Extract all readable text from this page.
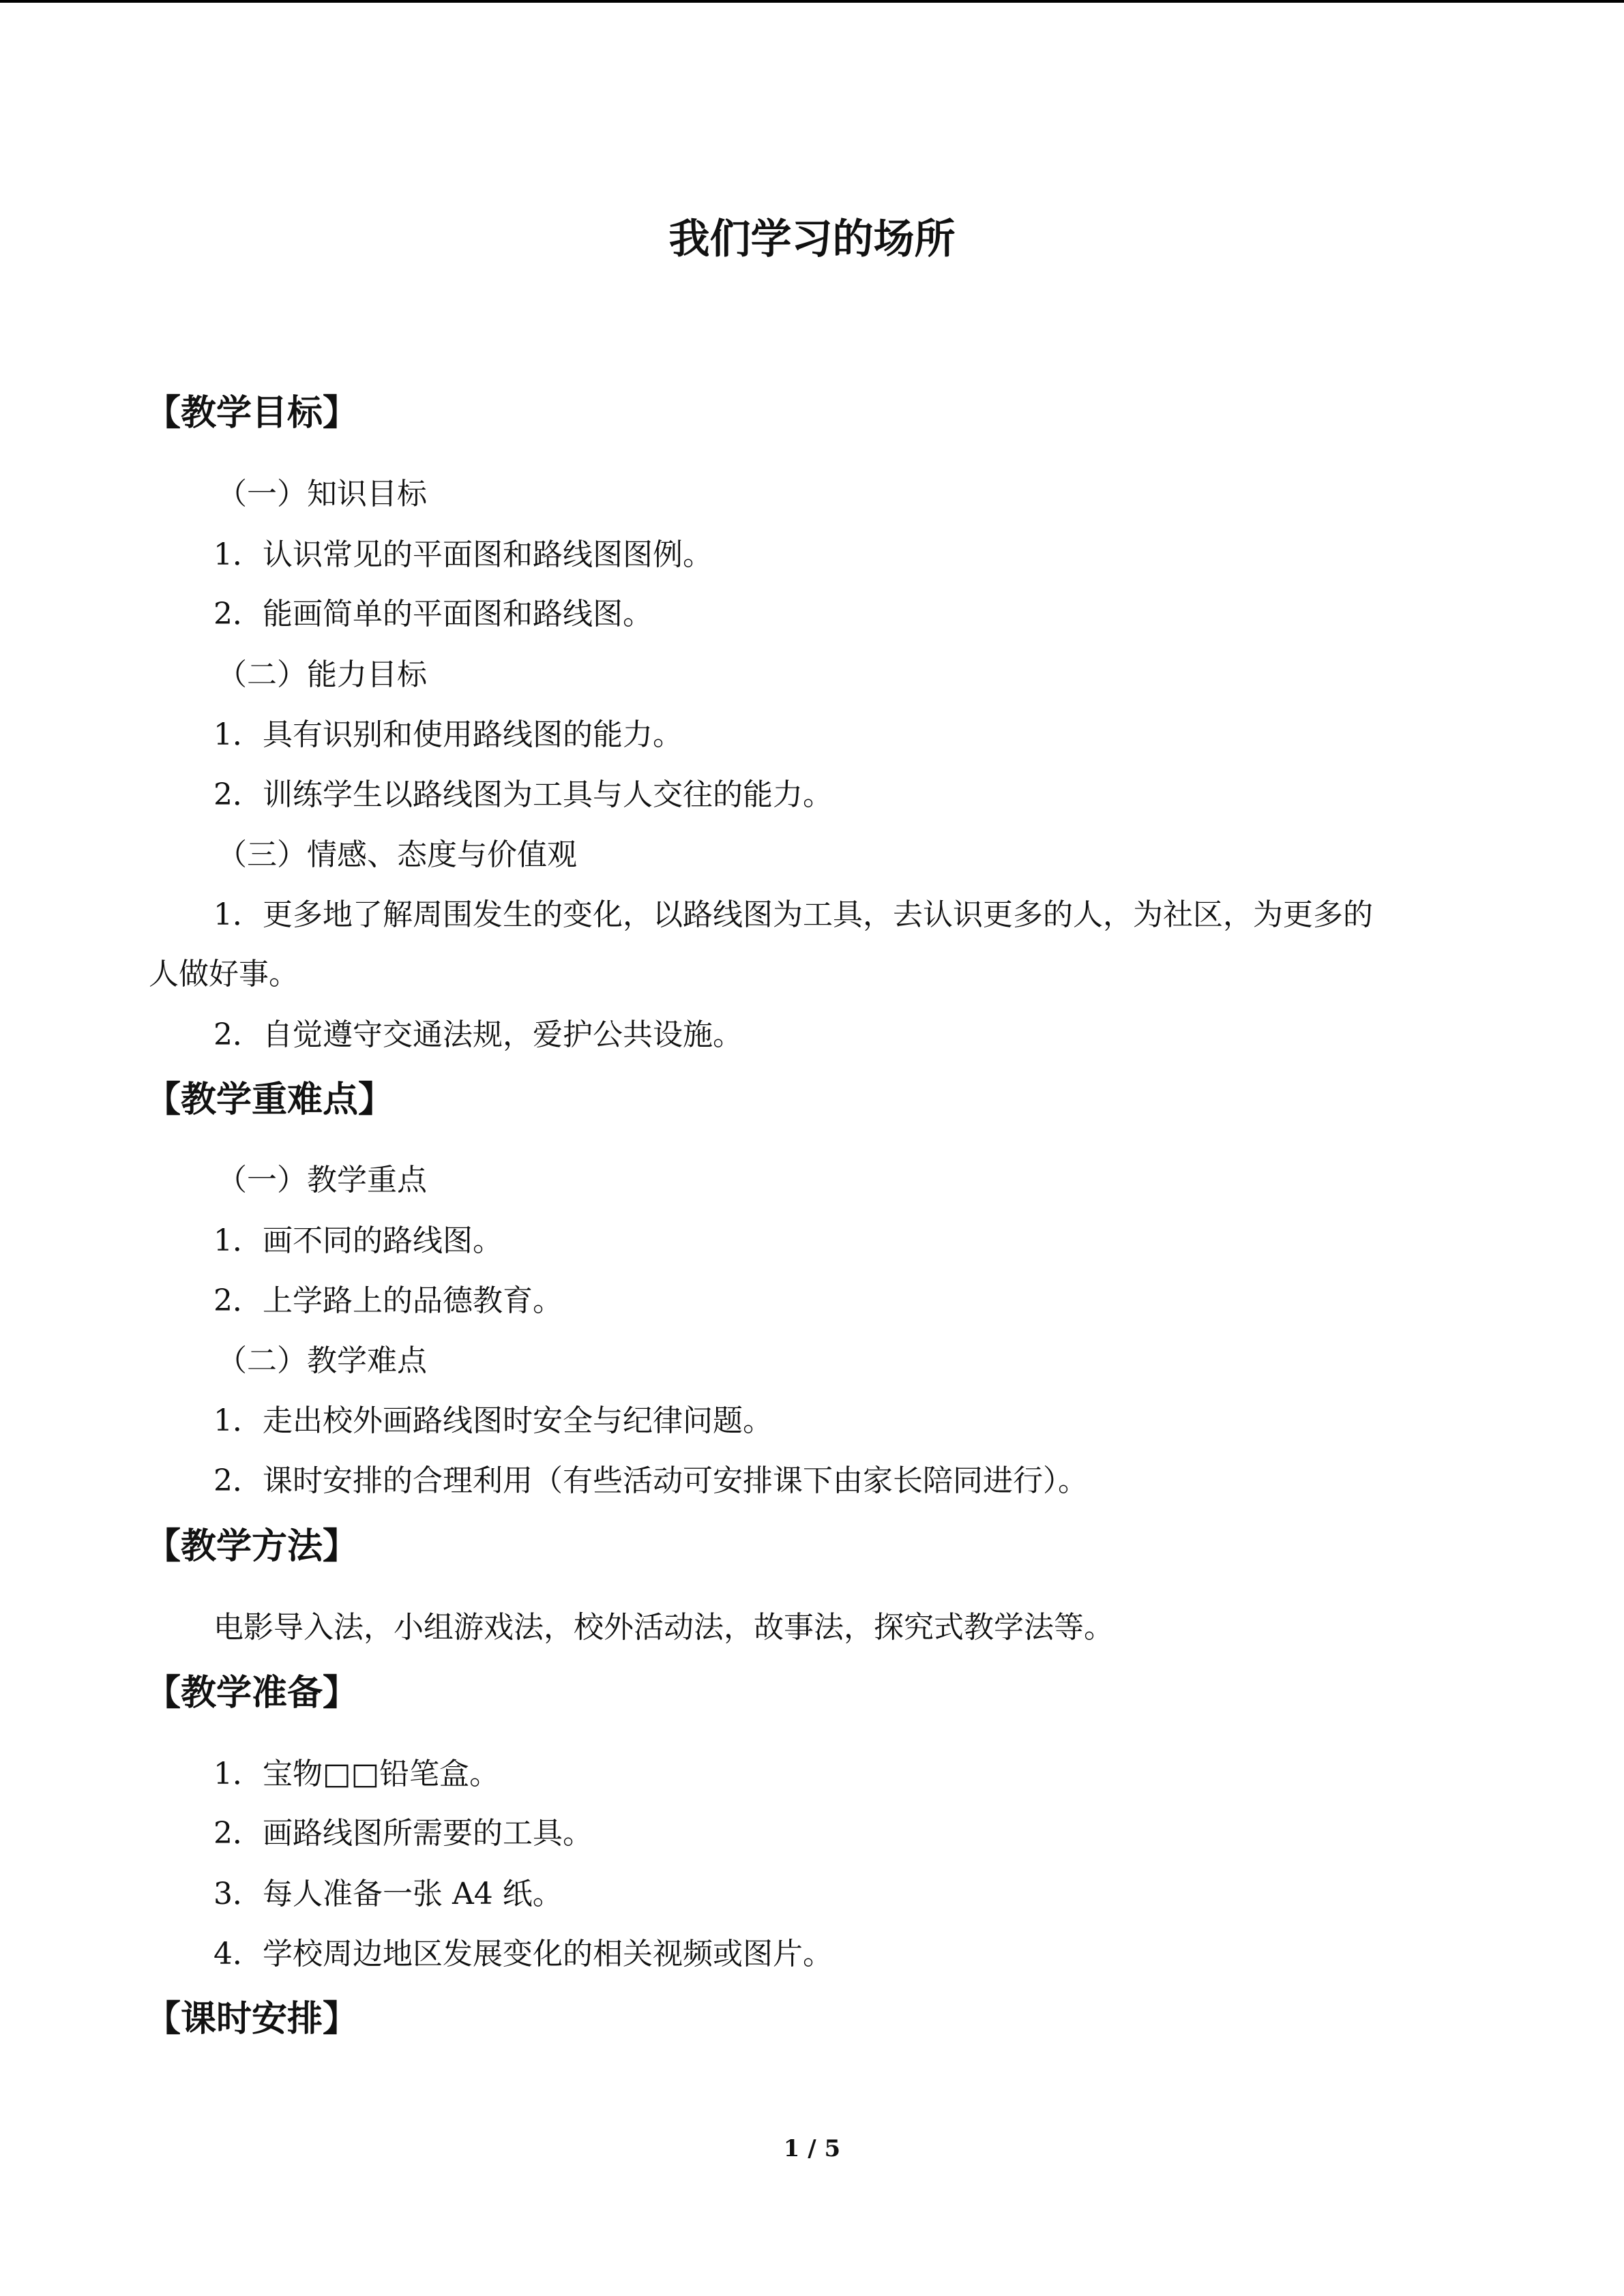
我们学习的场所
【教学目标】
（一）知识目标
1．认识常见的平面图和路线图图例。
2．能画简单的平面图和路线图。
（二）能力目标
1．具有识别和使用路线图的能力。
2．训练学生以路线图为工具与人交往的能力。
（三）情感、态度与价值观
1．更多地了解周围发生的变化，以路线图为工具，去认识更多的人，为社区，为更多的
人做好事。
2．自觉遵守交通法规，爱护公共设施。
【教学重难点】
（一）教学重点
1．画不同的路线图。
2．上学路上的品德教育。
（二）教学难点
1．走出校外画路线图时安全与纪律问题。
2．课时安排的合理利用（有些活动可安排课下由家长陪同进行）。
【教学方法】
电影导入法，小组游戏法，校外活动法，故事法，探究式教学法等。
【教学准备】
1．宝物□□铅笔盒。
2．画路线图所需要的工具。
3．每人准备一张 A4 纸。
4．学校周边地区发展变化的相关视频或图片。
【课时安排】
1 / 5
